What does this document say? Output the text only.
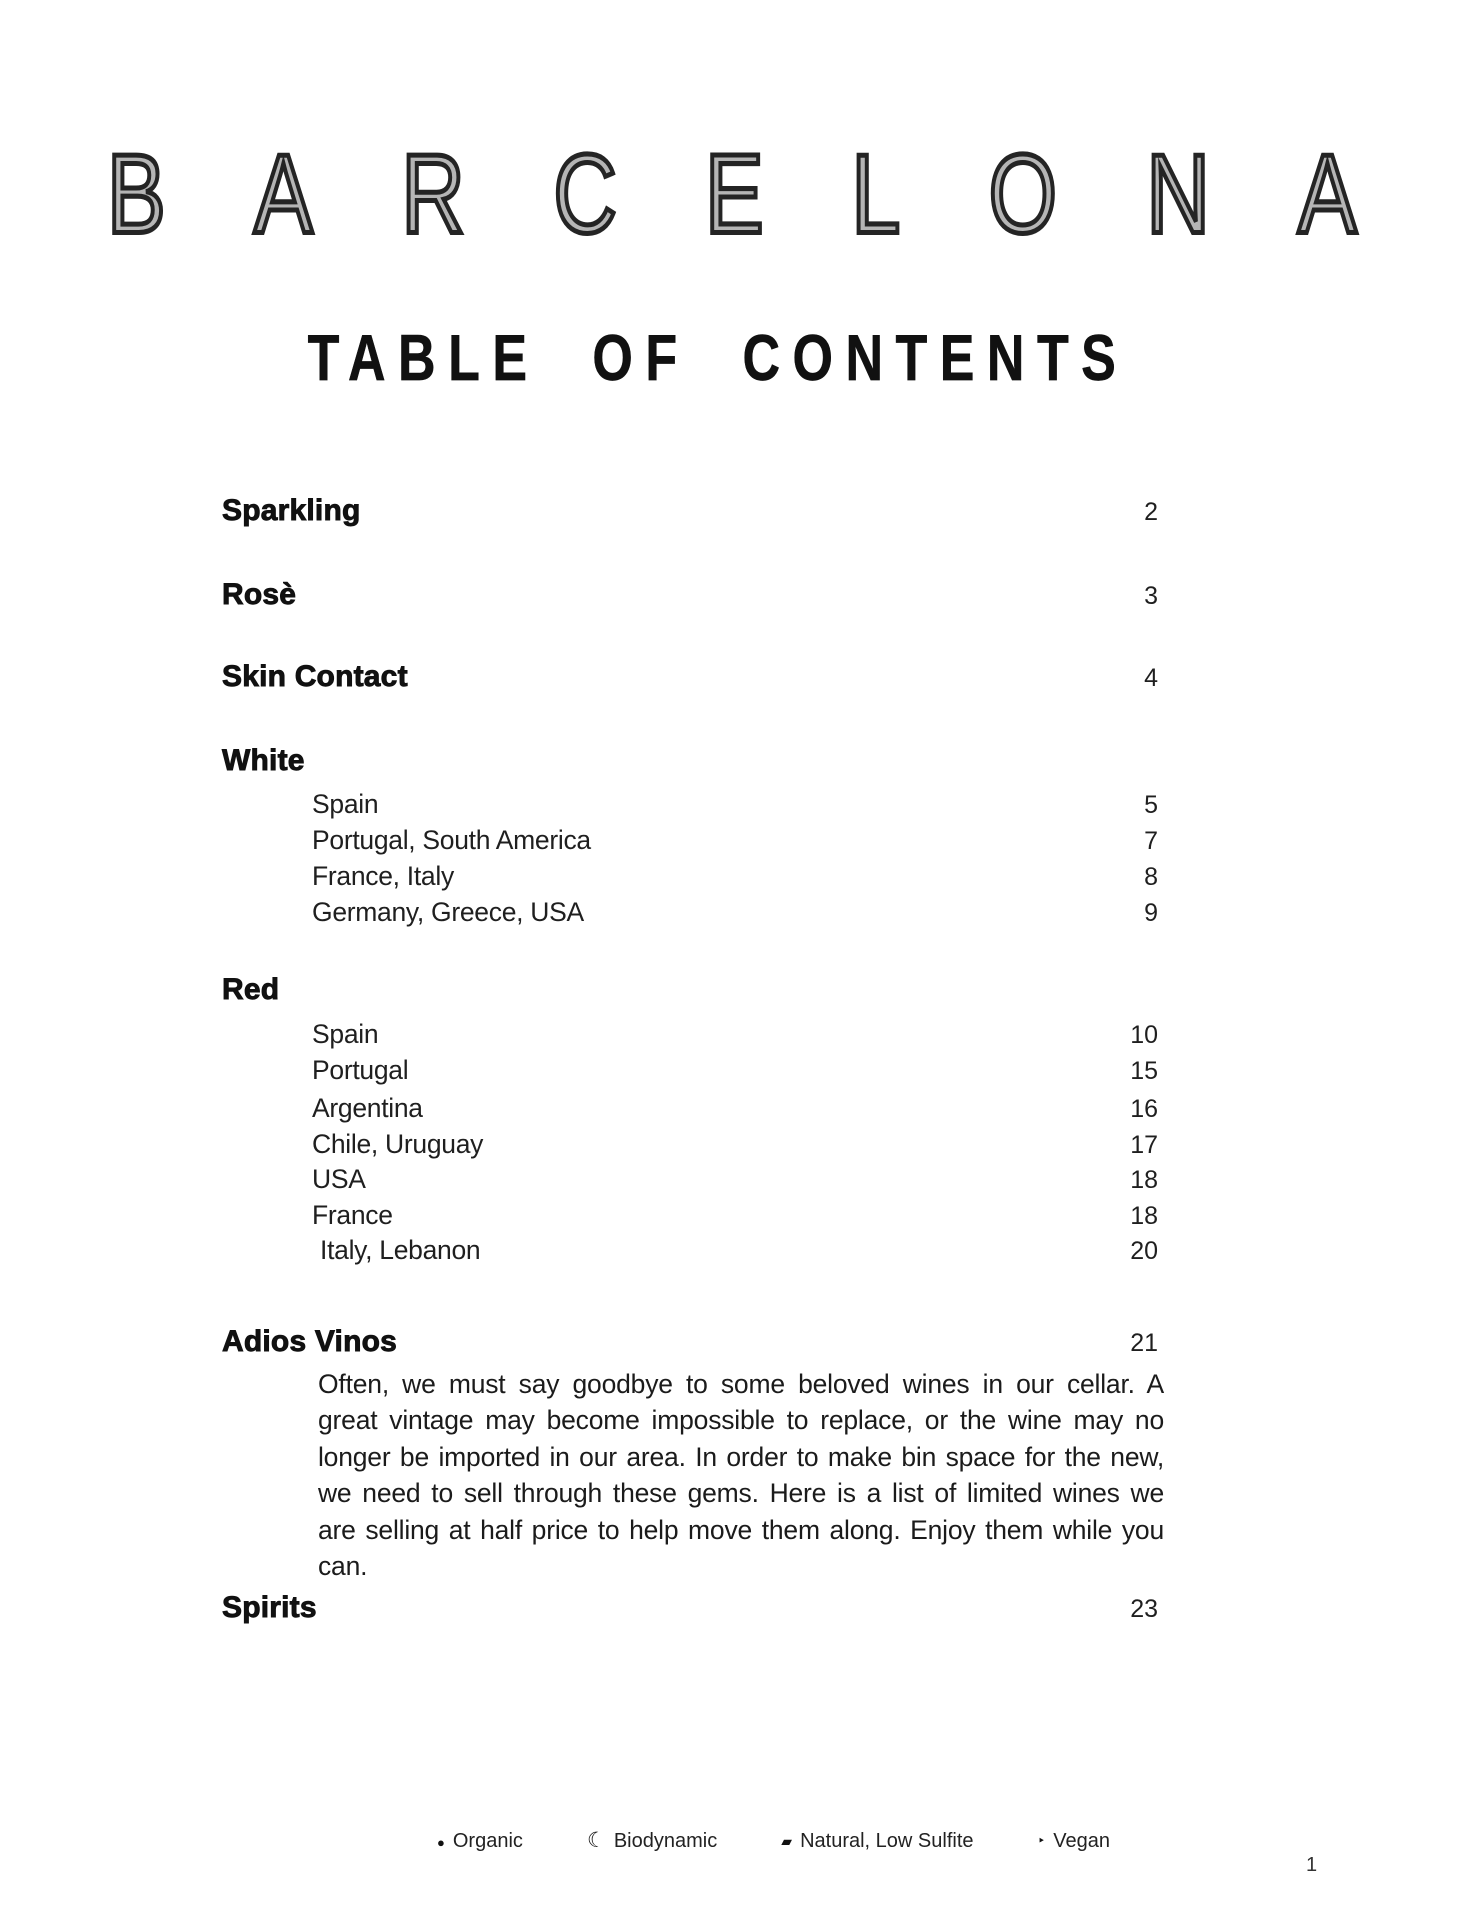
B A R C E L O N A
TABLE OF CONTENTS
Sparkling	2
Rosè	3
Skin Contact	4
White
Spain	5
Portugal, South America	7
France, Italy	8
Germany, Greece, USA	9
Red
Spain	10
Portugal	15
Argentina	16
Chile, Uruguay	17
USA	18
France	18
Italy, Lebanon	20
Adios Vinos	21
Often, we must say goodbye to some beloved wines in our cellar. A great vintage may become impossible to replace, or the wine may no longer be imported in our area. In order to make bin space for the new, we need to sell through these gems. Here is a list of limited wines we are selling at half price to help move them along. Enjoy them while you can.
Spirits	23
● Organic	☾ Biodynamic	▰ Natural, Low Sulfite	‣ Vegan
1
